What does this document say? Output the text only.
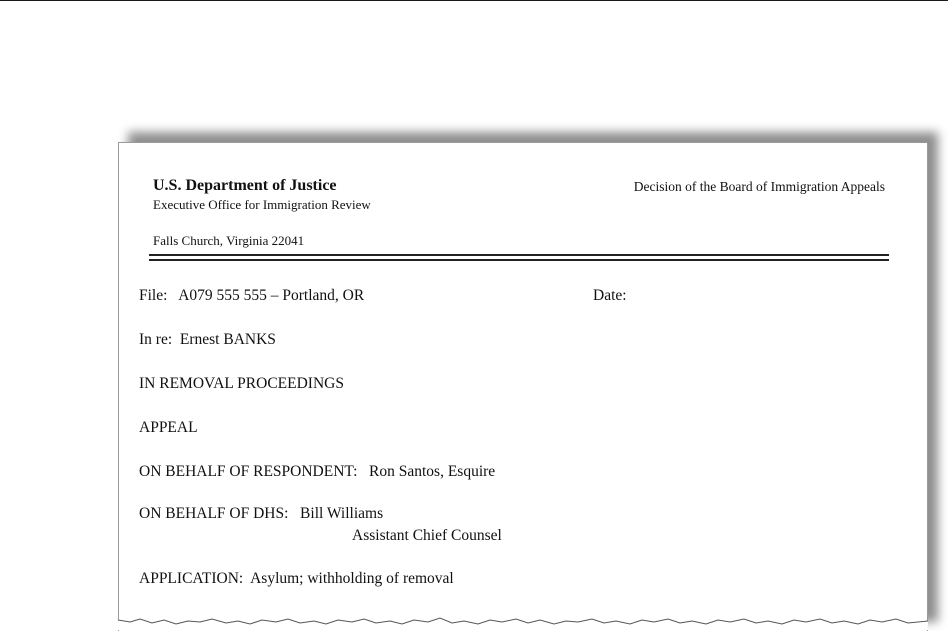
U.S. Department of Justice
Executive Office for Immigration Review
Decision of the Board of Immigration Appeals
Falls Church, Virginia 22041
File:   A079 555 555 – Portland, OR	Date:
In re:  Ernest BANKS
IN REMOVAL PROCEEDINGS
APPEAL
ON BEHALF OF RESPONDENT:   Ron Santos, Esquire
ON BEHALF OF DHS:   Bill Williams
Assistant Chief Counsel
APPLICATION:  Asylum; withholding of removal
